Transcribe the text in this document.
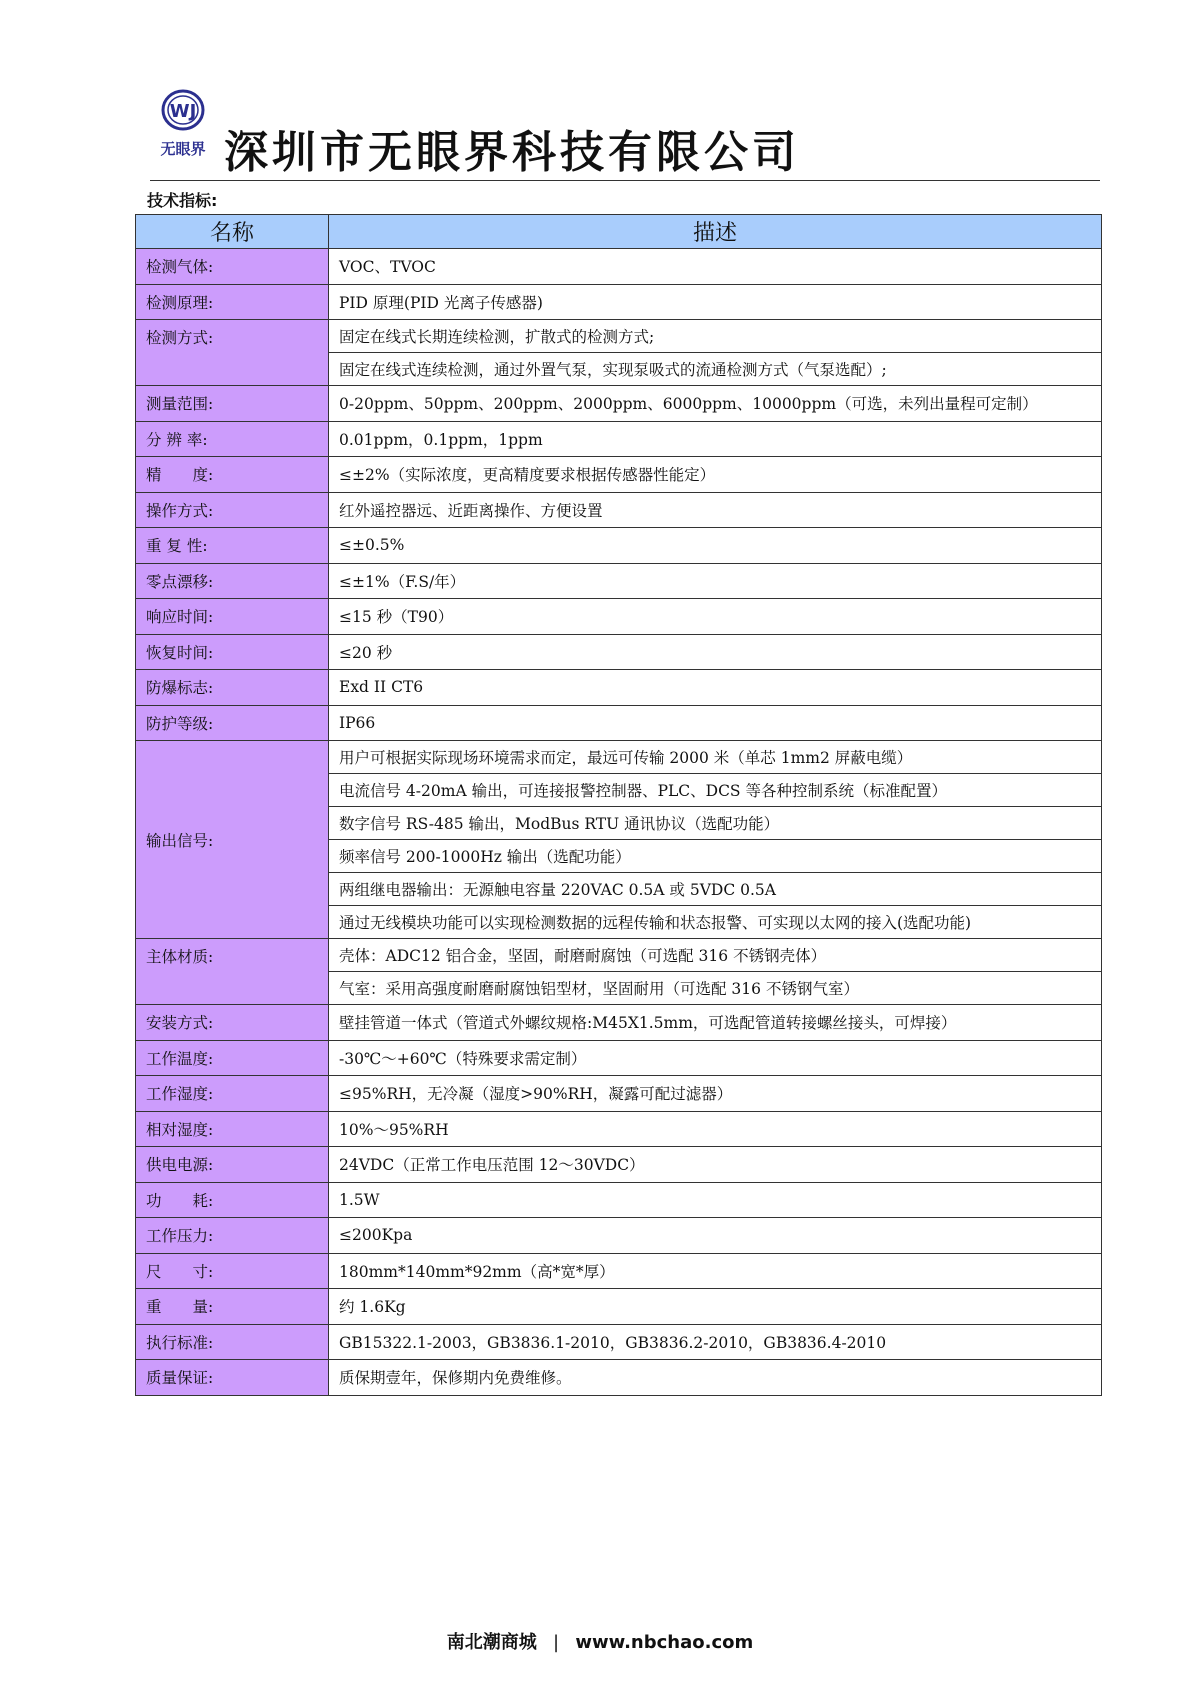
WJ
无眼界 深圳市无眼界科技有限公司
技术指标:
名称	描述
检测气体:	VOC、TVOC
检测原理:	PID 原理(PID 光离子传感器)
检测方式:	固定在线式长期连续检测，扩散式的检测方式;
	固定在线式连续检测，通过外置气泵，实现泵吸式的流通检测方式（气泵选配）;
测量范围:	0-20ppm、50ppm、200ppm、2000ppm、6000ppm、10000ppm（可选，未列出量程可定制）
分 辨 率:	0.01ppm，0.1ppm，1ppm
精　　度:	≤±2%（实际浓度，更高精度要求根据传感器性能定）
操作方式:	红外遥控器远、近距离操作、方便设置
重 复 性:	≤±0.5%
零点漂移:	≤±1%（F.S/年）
响应时间:	≤15 秒（T90）
恢复时间:	≤20 秒
防爆标志:	Exd II CT6
防护等级:	IP66
输出信号:	用户可根据实际现场环境需求而定，最远可传输 2000 米（单芯 1mm2 屏蔽电缆）
	电流信号 4-20mA 输出，可连接报警控制器、PLC、DCS 等各种控制系统（标准配置）
	数字信号 RS-485 输出，ModBus RTU 通讯协议（选配功能）
	频率信号 200-1000Hz 输出（选配功能）
	两组继电器输出：无源触电容量 220VAC 0.5A 或 5VDC 0.5A
	通过无线模块功能可以实现检测数据的远程传输和状态报警、可实现以太网的接入(选配功能)
主体材质:	壳体：ADC12 铝合金，坚固，耐磨耐腐蚀（可选配 316 不锈钢壳体）
	气室：采用高强度耐磨耐腐蚀铝型材，坚固耐用（可选配 316 不锈钢气室）
安装方式:	壁挂管道一体式（管道式外螺纹规格:M45X1.5mm，可选配管道转接螺丝接头，可焊接）
工作温度:	-30℃～+60℃（特殊要求需定制）
工作湿度:	≤95%RH，无冷凝（湿度>90%RH，凝露可配过滤器）
相对湿度:	10%～95%RH
供电电源:	24VDC（正常工作电压范围 12～30VDC）
功　　耗:	1.5W
工作压力:	≤200Kpa
尺　　寸:	180mm*140mm*92mm（高*宽*厚）
重　　量:	约 1.6Kg
执行标准:	GB15322.1-2003，GB3836.1-2010，GB3836.2-2010，GB3836.4-2010
质量保证:	质保期壹年，保修期内免费维修。
南北潮商城 | www.nbchao.com
